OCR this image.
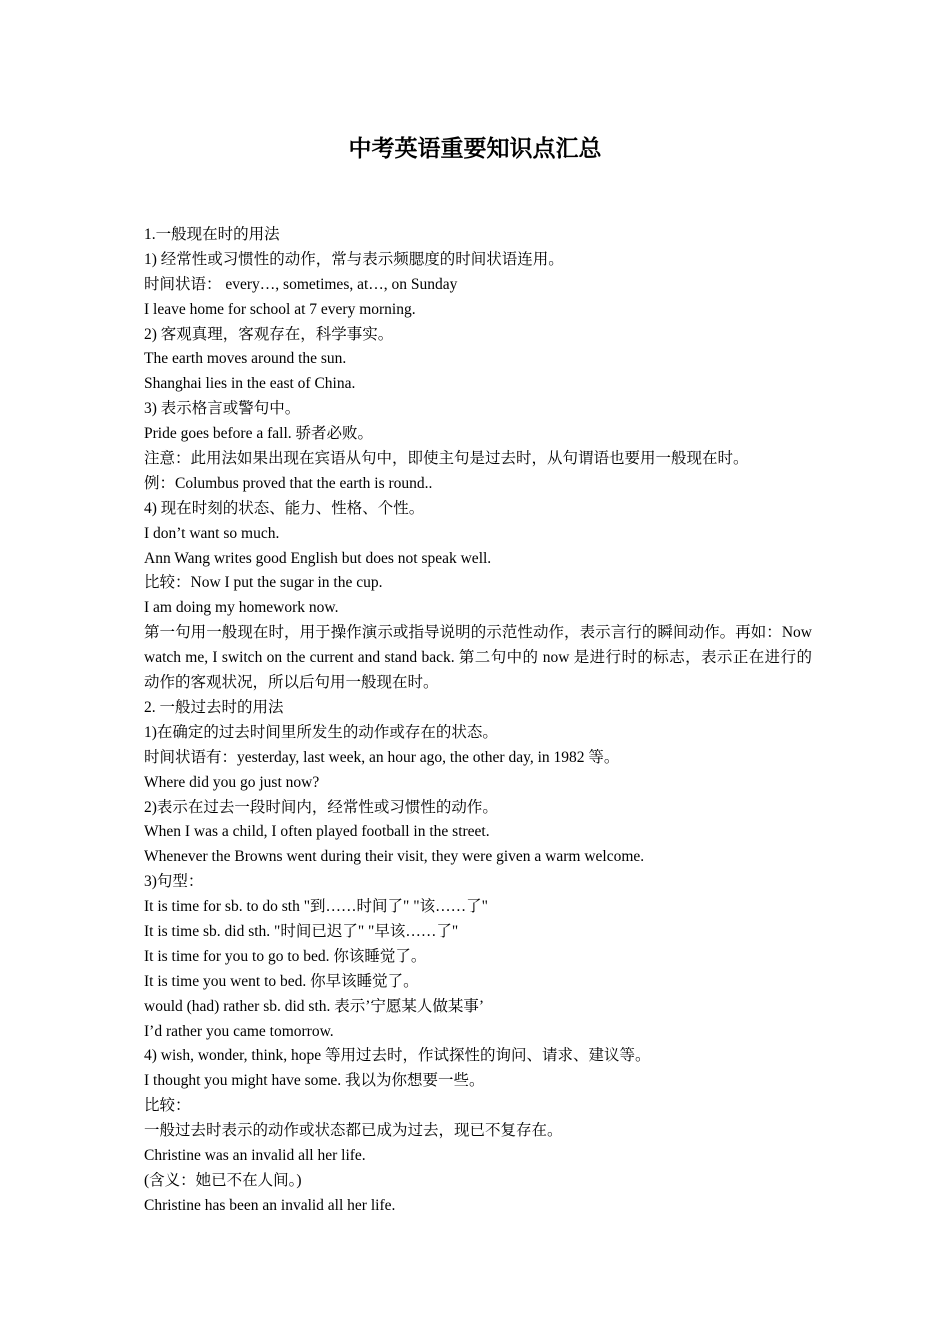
中考英语重要知识点汇总

1.一般现在时的用法

1) 经常性或习惯性的动作，常与表示频腮度的时间状语连用。

时间状语： every…, sometimes, at…, on Sunday

I leave home for school at 7 every morning.

2) 客观真理，客观存在，科学事实。

The earth moves around the sun.

Shanghai lies in the east of China.

3) 表示格言或警句中。

Pride goes before a fall. 骄者必败。

注意：此用法如果出现在宾语从句中，即使主句是过去时，从句谓语也要用一般现在时。

例：Columbus proved that the earth is round..

4) 现在时刻的状态、能力、性格、个性。

I don’t want so much.

Ann Wang writes good English but does not speak well.

比较：Now I put the sugar in the cup.

I am doing my homework now.

第一句用一般现在时，用于操作演示或指导说明的示范性动作，表示言行的瞬间动作。再如：Now watch me, I switch on the current and stand back. 第二句中的 now 是进行时的标志，表示正在进行的动作的客观状况，所以后句用一般现在时。

2. 一般过去时的用法

1)在确定的过去时间里所发生的动作或存在的状态。

时间状语有：yesterday, last week, an hour ago, the other day, in 1982 等。

Where did you go just now?

2)表示在过去一段时间内，经常性或习惯性的动作。

When I was a child, I often played football in the street.

Whenever the Browns went during their visit, they were given a warm welcome.

3)句型：

It is time for sb. to do sth "到……时间了" "该……了"

It is time sb. did sth. "时间已迟了" "早该……了"

It is time for you to go to bed. 你该睡觉了。

It is time you went to bed. 你早该睡觉了。

would (had) rather sb. did sth. 表示’宁愿某人做某事’

I’d rather you came tomorrow.

4) wish, wonder, think, hope 等用过去时，作试探性的询问、请求、建议等。

I thought you might have some. 我以为你想要一些。

比较：

一般过去时表示的动作或状态都已成为过去，现已不复存在。

Christine was an invalid all her life.

(含义：她已不在人间。)

Christine has been an invalid all her life.
